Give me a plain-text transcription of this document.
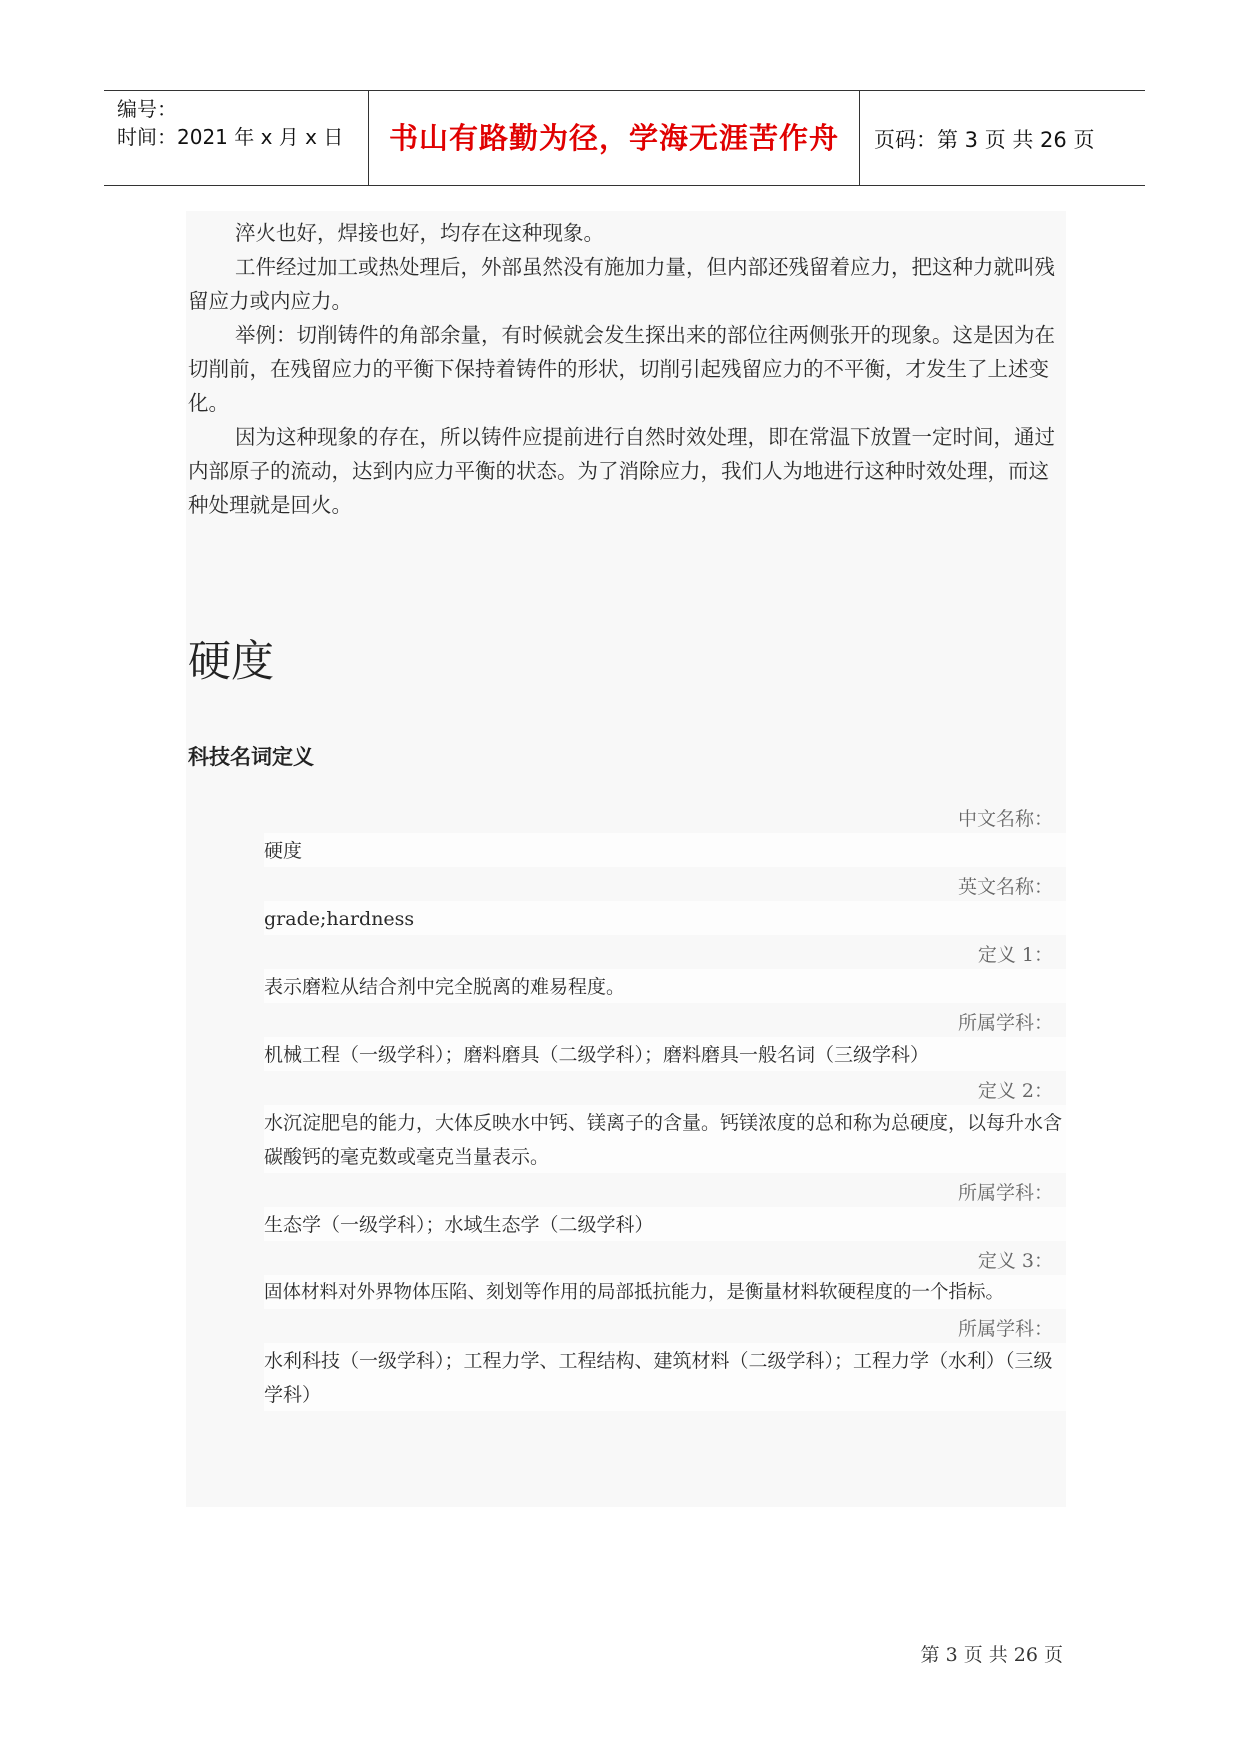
编号：
时间：2021 年 x 月 x 日	书山有路勤为径，学海无涯苦作舟	页码：第 3 页 共 26 页

淬火也好，焊接也好，均存在这种现象。

工件经过加工或热处理后，外部虽然没有施加力量，但内部还残留着应力，把这种力就叫残留应力或内应力。

举例：切削铸件的角部余量，有时候就会发生探出来的部位往两侧张开的现象。这是因为在切削前，在残留应力的平衡下保持着铸件的形状，切削引起残留应力的不平衡，才发生了上述变化。

因为这种现象的存在，所以铸件应提前进行自然时效处理，即在常温下放置一定时间，通过内部原子的流动，达到内应力平衡的状态。为了消除应力，我们人为地进行这种时效处理，而这种处理就是回火。

硬度
科技名词定义
中文名称：
硬度
英文名称：
grade;hardness
定义 1：
表示磨粒从结合剂中完全脱离的难易程度。
所属学科：
机械工程（一级学科）；磨料磨具（二级学科）；磨料磨具一般名词（三级学科）
定义 2：
水沉淀肥皂的能力，大体反映水中钙、镁离子的含量。钙镁浓度的总和称为总硬度，以每升水含碳酸钙的毫克数或毫克当量表示。
所属学科：
生态学（一级学科）；水域生态学（二级学科）
定义 3：
固体材料对外界物体压陷、刻划等作用的局部抵抗能力，是衡量材料软硬程度的一个指标。
所属学科：
水利科技（一级学科）；工程力学、工程结构、建筑材料（二级学科）；工程力学（水利）（三级学科）
第 3 页 共 26 页
